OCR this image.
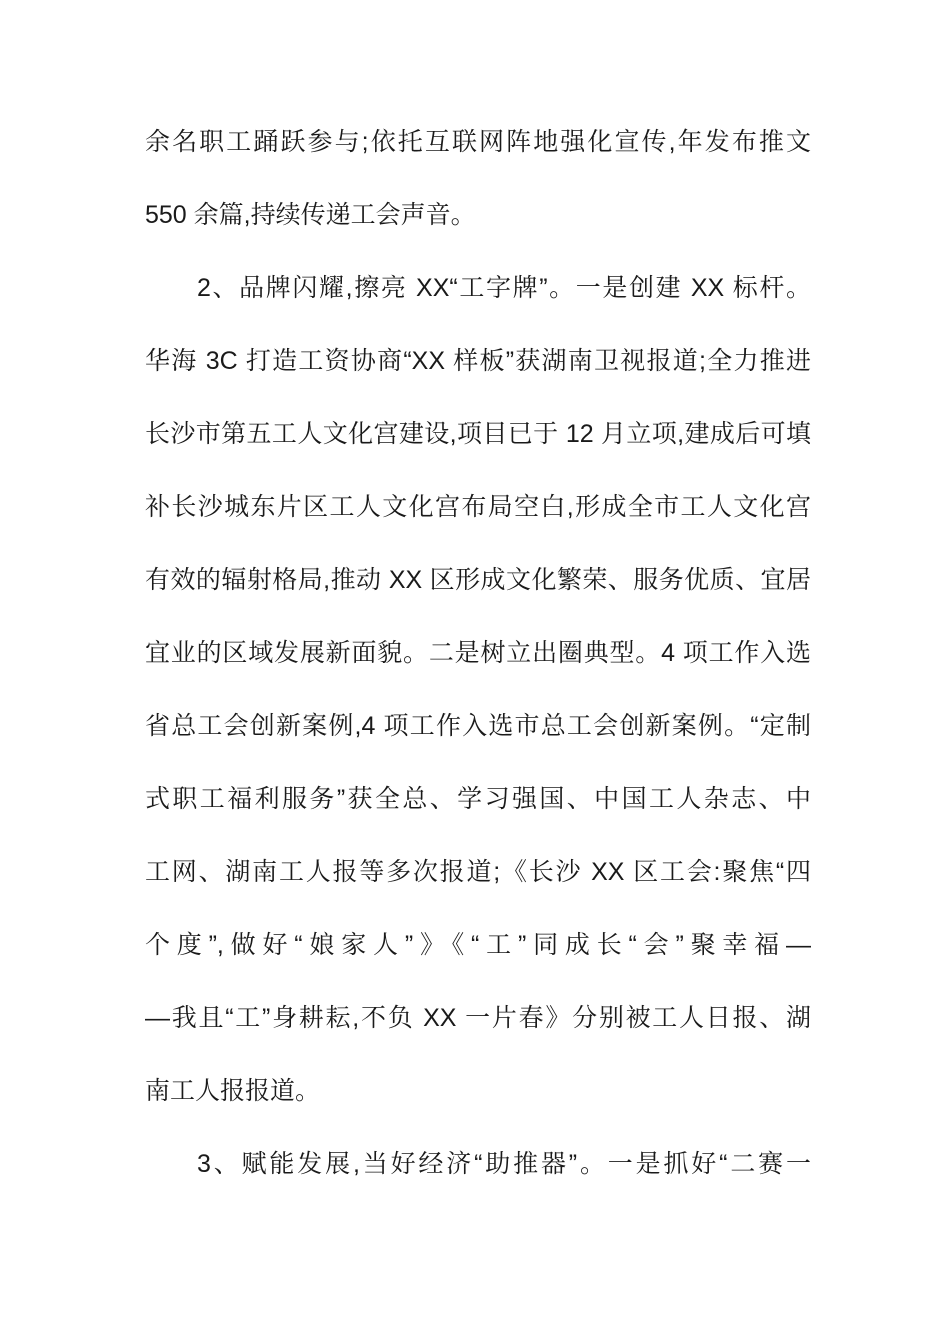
余名职工踊跃参与;依托互联网阵地强化宣传,年发布推文
550 余篇,持续传递工会声音。
2、品牌闪耀,擦亮 XX“工字牌”。一是创建 XX 标杆。
华海 3C 打造工资协商“XX 样板”获湖南卫视报道;全力推进
长沙市第五工人文化宫建设,项目已于 12 月立项,建成后可填
补长沙城东片区工人文化宫布局空白,形成全市工人文化宫
有效的辐射格局,推动 XX 区形成文化繁荣、服务优质、宜居
宜业的区域发展新面貌。二是树立出圈典型。4 项工作入选
省总工会创新案例,4 项工作入选市总工会创新案例。“定制
式职工福利服务”获全总、学习强国、中国工人杂志、中
工网、湖南工人报等多次报道;《长沙 XX 区工会:聚焦“四
个度”,做好“娘家人”》《“工”同成长“会”聚幸福—
—我且“工”身耕耘,不负 XX 一片春》分别被工人日报、湖
南工人报报道。
3、赋能发展,当好经济“助推器”。一是抓好“二赛一
